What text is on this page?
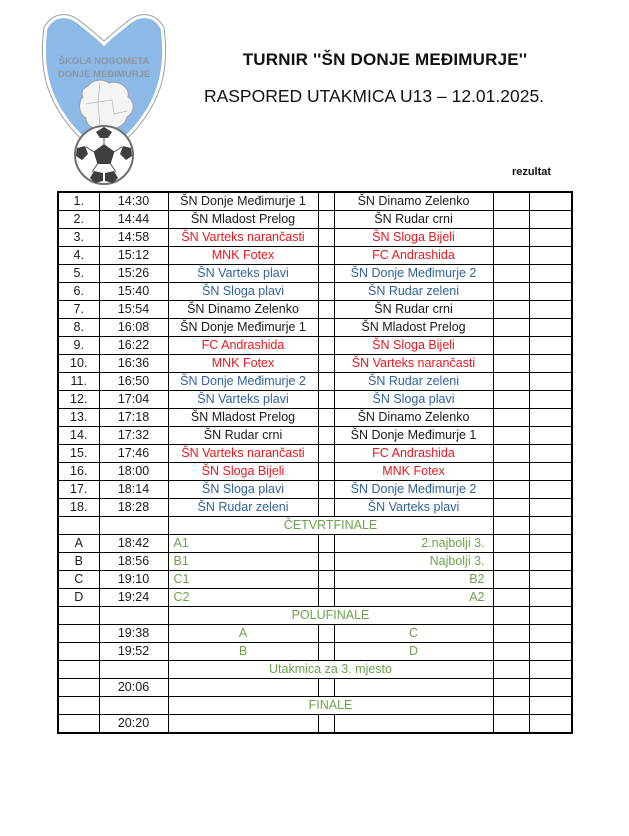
ŠKOLA NOGOMETA
DONJE MEĐIMURJE
TURNIR ''ŠN DONJE MEĐIMURJE''
RASPORED UTAKMICA U13 – 12.01.2025.
rezultat
1.	14:30	ŠN Donje Međimurje 1		ŠN Dinamo Zelenko		
2.	14:44	ŠN Mladost Prelog		ŠN Rudar crni		
3.	14:58	ŠN Varteks narančasti		ŠN Sloga Bijeli		
4.	15:12	MNK Fotex		FC Andrashida		
5.	15:26	ŠN Varteks plavi		ŠN Donje Međimurje 2		
6.	15:40	ŠN Sloga plavi		ŠN Rudar zeleni		
7.	15:54	ŠN Dinamo Zelenko		ŠN Rudar crni		
8.	16:08	ŠN Donje Međimurje 1		ŠN Mladost Prelog		
9.	16:22	FC Andrashida		ŠN Sloga Bijeli		
10.	16:36	MNK Fotex		ŠN Varteks narančasti		
11.	16:50	ŠN Donje Međimurje 2		ŠN Rudar zeleni		
12.	17:04	ŠN Varteks plavi		ŠN Sloga plavi		
13.	17:18	ŠN Mladost Prelog		ŠN Dinamo Zelenko		
14.	17:32	ŠN Rudar crni		ŠN Donje Međimurje 1		
15.	17:46	ŠN Varteks narančasti		FC Andrashida		
16.	18:00	ŠN Sloga Bijeli		MNK Fotex		
17.	18:14	ŠN Sloga plavi		ŠN Donje Međimurje 2		
18.	18:28	ŠN Rudar zeleni		ŠN Varteks plavi		
		ČETVRTFINALE				
A	18:42	A1		2.najbolji 3.		
B	18:56	B1		Najbolji 3.		
C	19:10	C1		B2		
D	19:24	C2		A2		
		POLUFINALE				
	19:38	A		C		
	19:52	B		D		
		Utakmica za 3. mjesto				
	20:06					
		FINALE				
	20:20					
